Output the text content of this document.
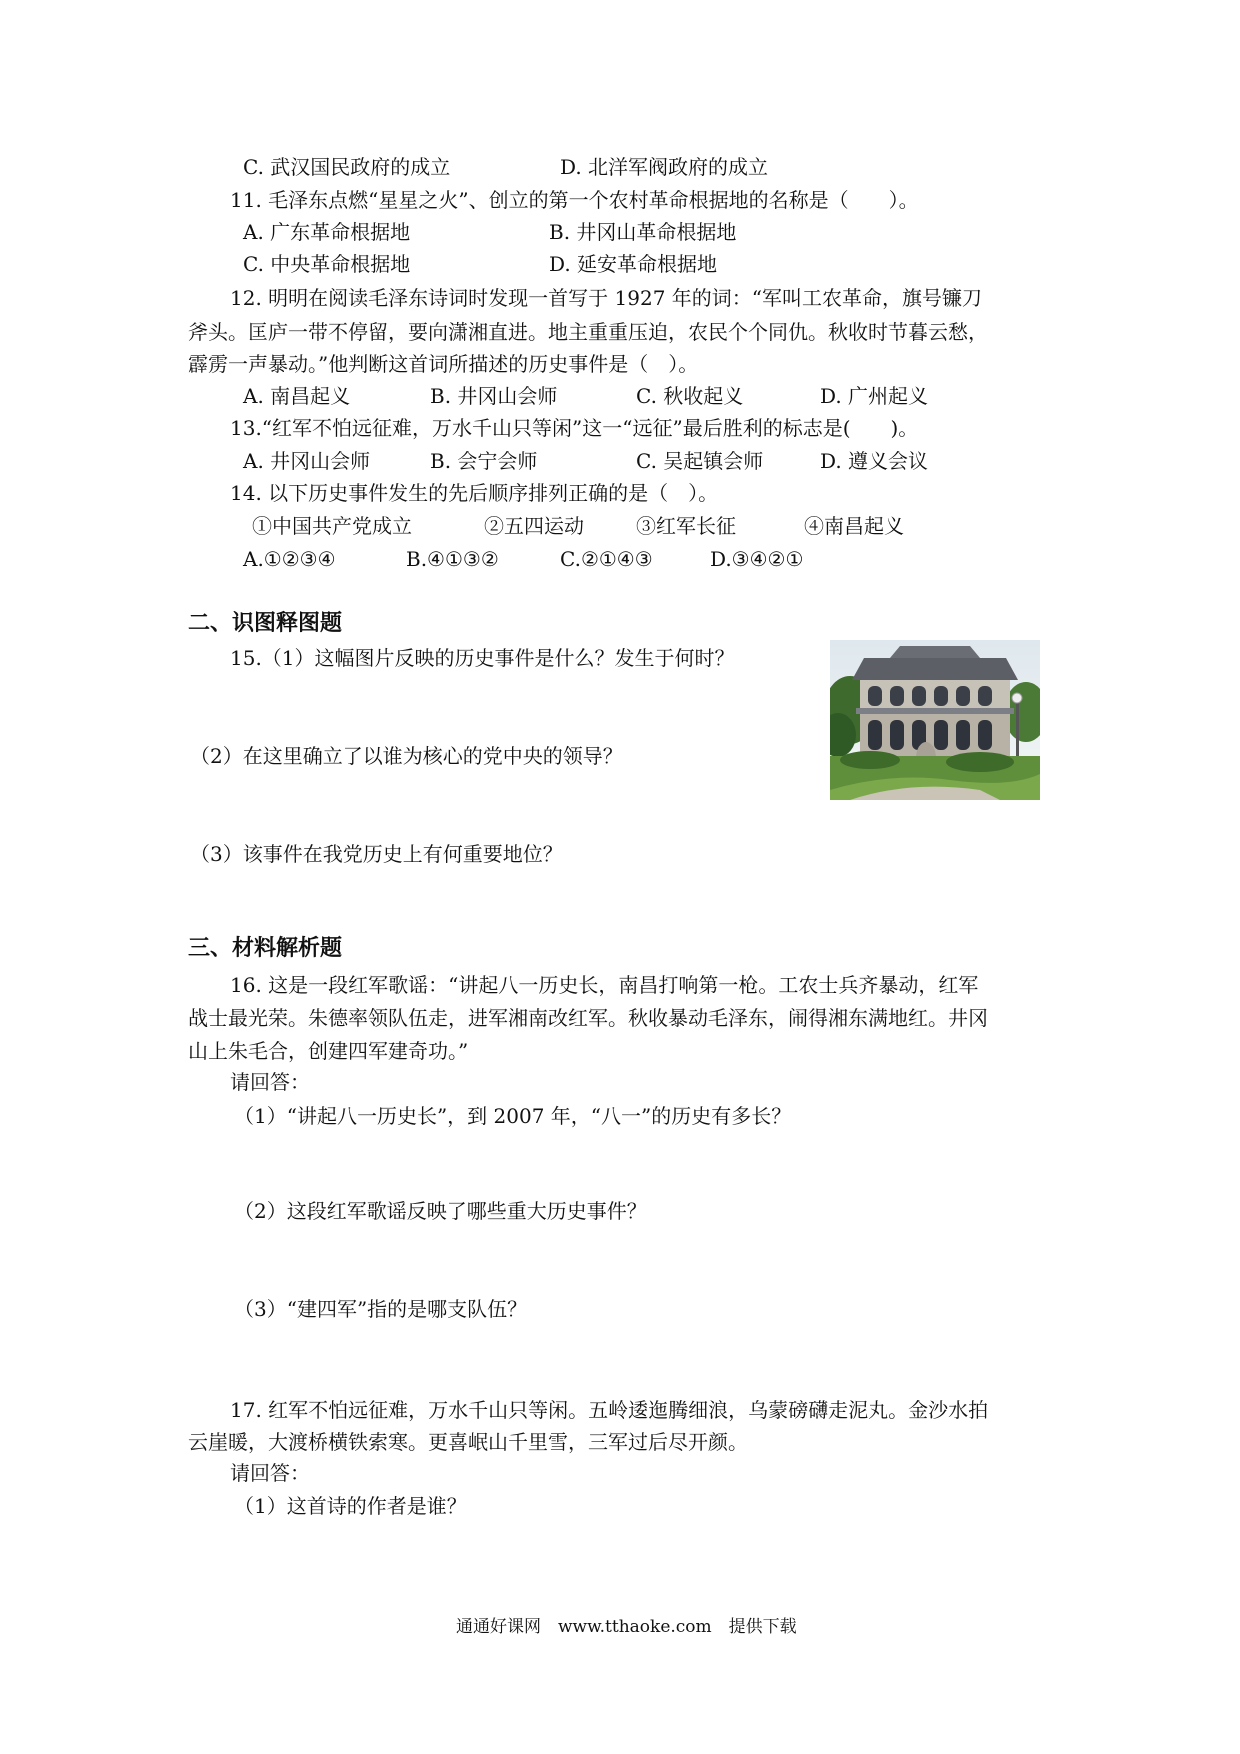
C. 武汉国民政府的成立	D. 北洋军阀政府的成立
11. 毛泽东点燃“星星之火”、创立的第一个农村革命根据地的名称是（　　）。
A. 广东革命根据地	B. 井冈山革命根据地
C. 中央革命根据地	D. 延安革命根据地
12. 明明在阅读毛泽东诗词时发现一首写于 1927 年的词：“军叫工农革命，旗号镰刀
斧头。匡庐一带不停留，要向潇湘直进。地主重重压迫，农民个个同仇。秋收时节暮云愁，
霹雳一声暴动。”他判断这首词所描述的历史事件是（　）。
A. 南昌起义	B. 井冈山会师	C. 秋收起义	D. 广州起义
13.“红军不怕远征难，万水千山只等闲”这一“远征”最后胜利的标志是(　　)。
A. 井冈山会师	B. 会宁会师	C. 吴起镇会师	D. 遵义会议
14. 以下历史事件发生的先后顺序排列正确的是（　）。
①中国共产党成立	②五四运动	③红军长征	④南昌起义
A.①②③④	B.④①③②	C.②①④③	D.③④②①
二、识图释图题
15.（1）这幅图片反映的历史事件是什么？发生于何时？
（2）在这里确立了以谁为核心的党中央的领导？
（3）该事件在我党历史上有何重要地位？
三、材料解析题
16. 这是一段红军歌谣：“讲起八一历史长，南昌打响第一枪。工农士兵齐暴动，红军
战士最光荣。朱德率领队伍走，进军湘南改红军。秋收暴动毛泽东，闹得湘东满地红。井冈
山上朱毛合，创建四军建奇功。”
请回答：
（1）“讲起八一历史长”，到 2007 年，“八一”的历史有多长？
（2）这段红军歌谣反映了哪些重大历史事件？
（3）“建四军”指的是哪支队伍？
17. 红军不怕远征难，万水千山只等闲。五岭逶迤腾细浪，乌蒙磅礴走泥丸。金沙水拍
云崖暖，大渡桥横铁索寒。更喜岷山千里雪，三军过后尽开颜。
请回答：
（1）这首诗的作者是谁？
通通好课网　www.tthaoke.com　提供下载
